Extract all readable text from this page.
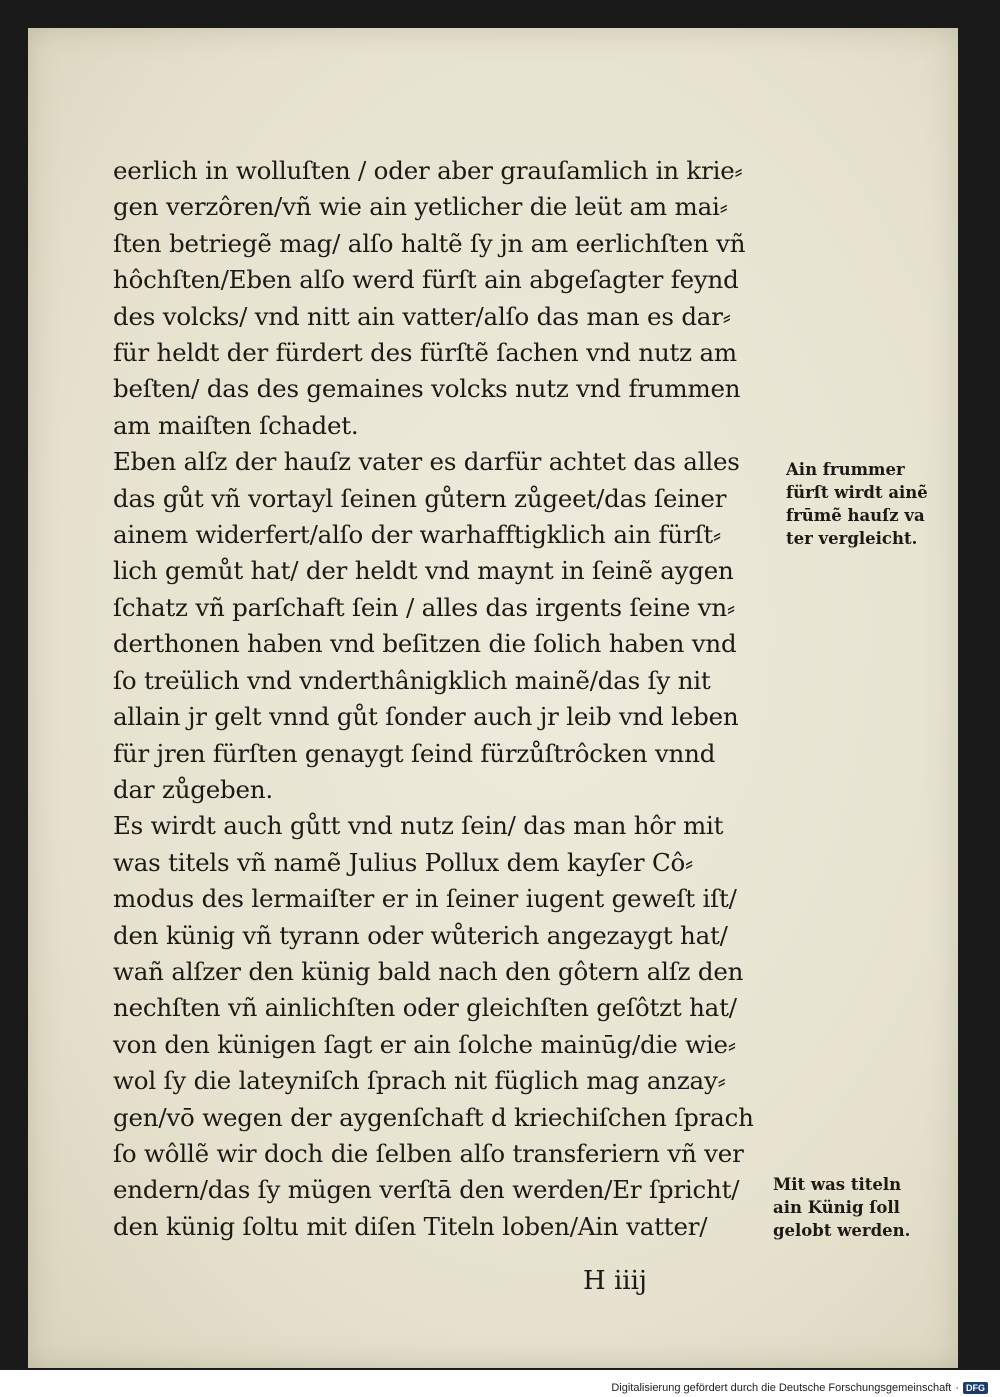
eerlich in wolluſten / oder aber grauſamlich in krie⸗
gen verzôren/vñ wie ain yetlicher die leüt am mai⸗
ſten betriegẽ mag/ alſo haltẽ ſy jn am eerlichſten vñ
hôchſten/Eben alſo werd fürſt ain abgeſagter feynd
des volcks/ vnd nitt ain vatter/alſo das man es dar⸗
für heldt der fürdert des fürſtẽ ſachen vnd nutz am
beſten/ das des gemaines volcks nutz vnd frummen
am maiſten ſchadet.
Eben alſz der hauſz vater es darfür achtet das alles
das gůt vñ vortayl ſeinen gůtern zůgeet/das ſeiner
ainem widerfert/alſo der warhafftigklich ain fürſt⸗
lich gemůt hat/ der heldt vnd maynt in ſeinẽ aygen
ſchatz vñ parſchaft ſein / alles das irgents ſeine vn⸗
derthonen haben vnd beſitzen die ſolich haben vnd
ſo treülich vnd vnderthânigklich mainẽ/das ſy nit
allain jr gelt vnnd gůt ſonder auch jr leib vnd leben
für jren fürſten genaygt ſeind fürzůſtrôcken vnnd
dar zůgeben.
Es wirdt auch gůtt vnd nutz ſein/ das man hôr mit
was titels vñ namẽ Julius Pollux dem kayſer Cô⸗
modus des lermaiſter er in ſeiner iugent geweſt iſt/
den künig vñ tyrann oder wůterich angezaygt hat/
wañ alſzer den künig bald nach den gôtern alſz den
nechſten vñ ainlichſten oder gleichſten geſôtzt hat/
von den künigen ſagt er ain ſolche mainūg/die wie⸗
wol ſy die lateyniſch ſprach nit füglich mag anzay⸗
gen/vō wegen der aygenſchaft d kriechiſchen ſprach
ſo wôllẽ wir doch die ſelben alſo transferiern vñ ver
endern/das ſy mügen verſtā den werden/Er ſpricht/
den künig ſoltu mit diſen Titeln loben/Ain vatter/
Ain frummer
fürſt wirdt ainẽ
frūmẽ hauſz va
ter vergleicht.
Mit was titeln
ain Künig ſoll
gelobt werden.
H iiij
Digitalisierung gefördert durch die Deutsche Forschungsgemeinschaft · DFG
